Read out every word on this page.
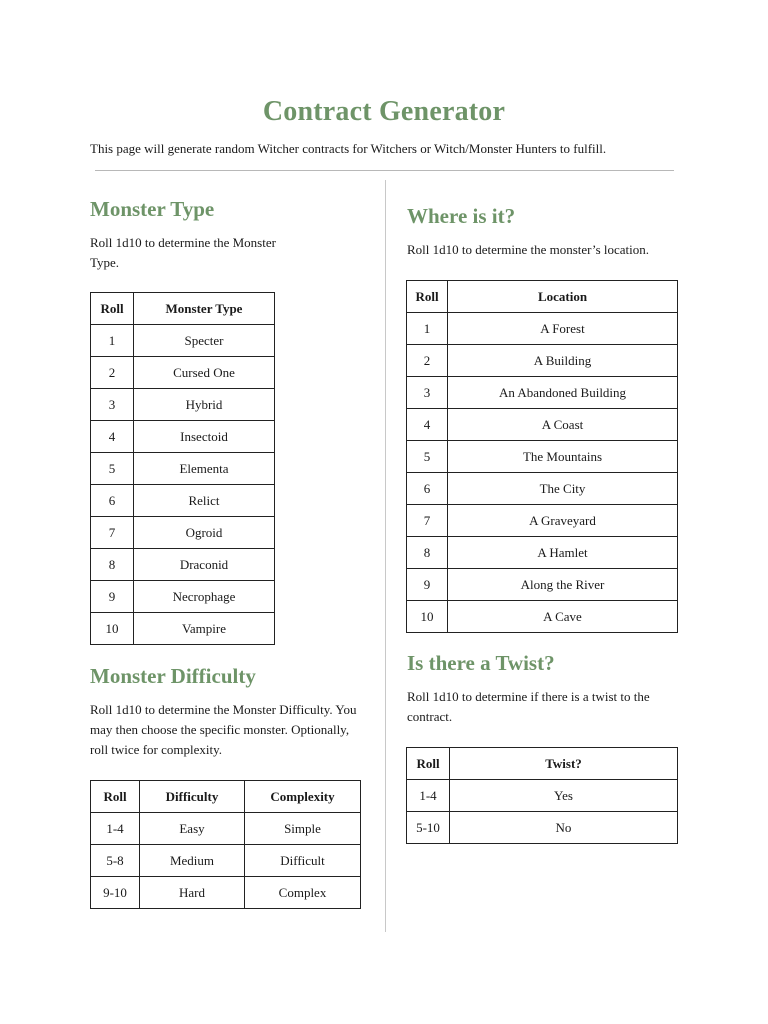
Contract Generator
This page will generate random Witcher contracts for Witchers or Witch/Monster Hunters to fulfill.
Monster Type
Roll 1d10 to determine the Monster Type.
Roll	Monster Type
1	Specter
2	Cursed One
3	Hybrid
4	Insectoid
5	Elementa
6	Relict
7	Ogroid
8	Draconid
9	Necrophage
10	Vampire
Monster Difficulty
Roll 1d10 to determine the Monster Difficulty. You may then choose the specific monster. Optionally, roll twice for complexity.
Roll	Difficulty	Complexity
1-4	Easy	Simple
5-8	Medium	Difficult
9-10	Hard	Complex
Where is it?
Roll 1d10 to determine the monster’s location.
Roll	Location
1	A Forest
2	A Building
3	An Abandoned Building
4	A Coast
5	The Mountains
6	The City
7	A Graveyard
8	A Hamlet
9	Along the River
10	A Cave
Is there a Twist?
Roll 1d10 to determine if there is a twist to the contract.
Roll	Twist?
1-4	Yes
5-10	No
